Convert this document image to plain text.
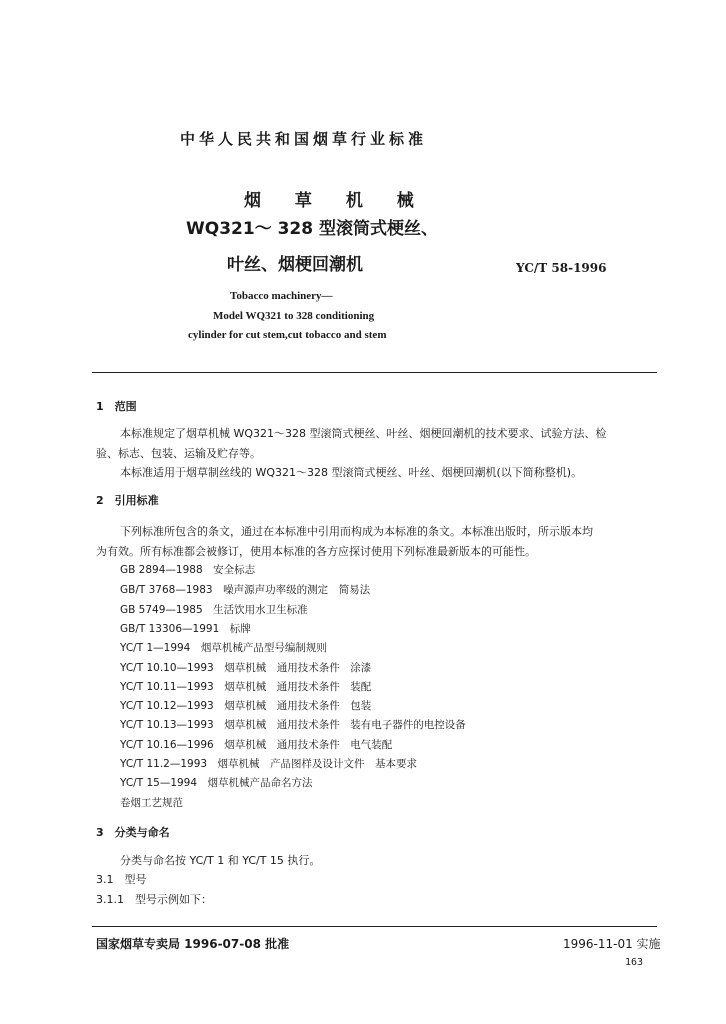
中华人民共和国烟草行业标准
烟 草 机 械
WQ321～ 328 型滚筒式梗丝、
叶丝、烟梗回潮机	YC/T 58-1996
Tobacco machinery—
Model WQ321 to 328 conditioning
cylinder for cut stem,cut tobacco and stem
1　范围
本标准规定了烟草机械 WQ321～328 型滚筒式梗丝、叶丝、烟梗回潮机的技术要求、试验方法、检
验、标志、包装、运输及贮存等。
本标准适用于烟草制丝线的 WQ321～328 型滚筒式梗丝、叶丝、烟梗回潮机(以下简称整机)。
2　引用标准
下列标准所包含的条文，通过在本标准中引用而构成为本标准的条文。本标准出版时，所示版本均
为有效。所有标准都会被修订，使用本标准的各方应探讨使用下列标准最新版本的可能性。
GB 2894—1988　安全标志
GB/T 3768—1983　噪声源声功率级的测定　简易法
GB 5749—1985　生活饮用水卫生标准
GB/T 13306—1991　标牌
YC/T 1—1994　烟草机械产品型号编制规则
YC/T 10.10—1993　烟草机械　通用技术条件　涂漆
YC/T 10.11—1993　烟草机械　通用技术条件　装配
YC/T 10.12—1993　烟草机械　通用技术条件　包装
YC/T 10.13—1993　烟草机械　通用技术条件　装有电子器件的电控设备
YC/T 10.16—1996　烟草机械　通用技术条件　电气装配
YC/T 11.2—1993　烟草机械　产品图样及设计文件　基本要求
YC/T 15—1994　烟草机械产品命名方法
卷烟工艺规范
3　分类与命名
分类与命名按 YC/T 1 和 YC/T 15 执行。
3.1　型号
3.1.1　型号示例如下：
国家烟草专卖局 1996-07-08 批准	1996-11-01 实施
163
